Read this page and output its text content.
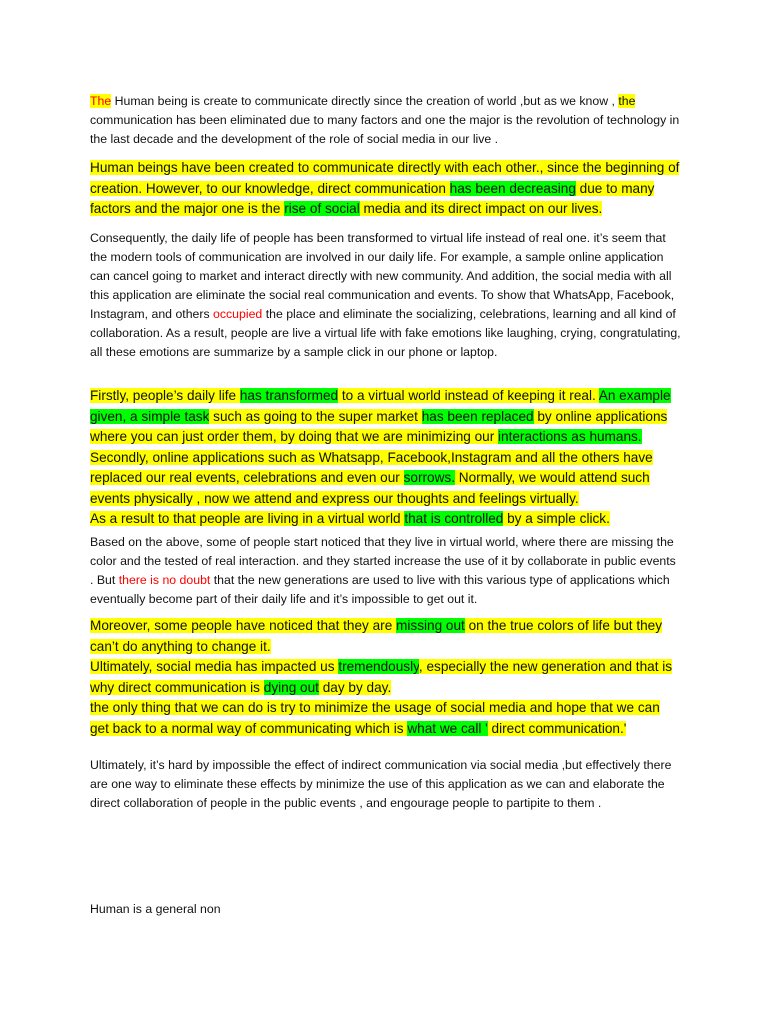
The Human being is create to communicate directly since the creation of world ,but as we know , the communication has been eliminated due to many factors and one the major is the revolution of technology in the last decade and the development of the role of social media in our live .

Human beings have been created to communicate directly with each other., since the beginning of creation. However, to our knowledge, direct communication has been decreasing due to many factors and the major one is the rise of social media and its direct impact on our lives.

Consequently, the daily life of people has been transformed to virtual life instead of real one. it’s seem that the modern tools of communication are involved in our daily life. For example, a sample online application can cancel going to market and interact directly with new community. And addition, the social media with all this application are eliminate the social real communication and events. To show that WhatsApp, Facebook, Instagram, and others occupied the place and eliminate the socializing, celebrations, learning and all kind of collaboration. As a result, people are live a virtual life with fake emotions like laughing, crying, congratulating, all these emotions are summarize by a sample click in our phone or laptop.

Firstly, people’s daily life has transformed to a virtual world instead of keeping it real. An example given, a simple task such as going to the super market has been replaced by online applications where you can just order them, by doing that we are minimizing our interactions as humans. Secondly, online applications such as Whatsapp, Facebook,Instagram and all the others have replaced our real events, celebrations and even our sorrows. Normally, we would attend such events physically , now we attend and express our thoughts and feelings virtually.
As a result to that people are living in a virtual world that is controlled by a simple click.

Based on the above, some of people start noticed that they live in virtual world, where there are missing the color and the tested of real interaction. and they started increase the use of it by collaborate in public events . But there is no doubt that the new generations are used to live with this various type of applications which eventually become part of their daily life and it’s impossible to get out it.

Moreover, some people have noticed that they are missing out on the true colors of life but they can’t do anything to change it.
Ultimately, social media has impacted us tremendously, especially the new generation and that is why direct communication is dying out day by day.
the only thing that we can do is try to minimize the usage of social media and hope that we can get back to a normal way of communicating which is what we call ' direct communication.'

Ultimately, it’s hard by impossible the effect of indirect communication via social media ,but effectively there are one way to eliminate these effects by minimize the use of this application as we can and elaborate the direct collaboration of people in the public events , and engourage people to partipite to them .

Human is a general non
